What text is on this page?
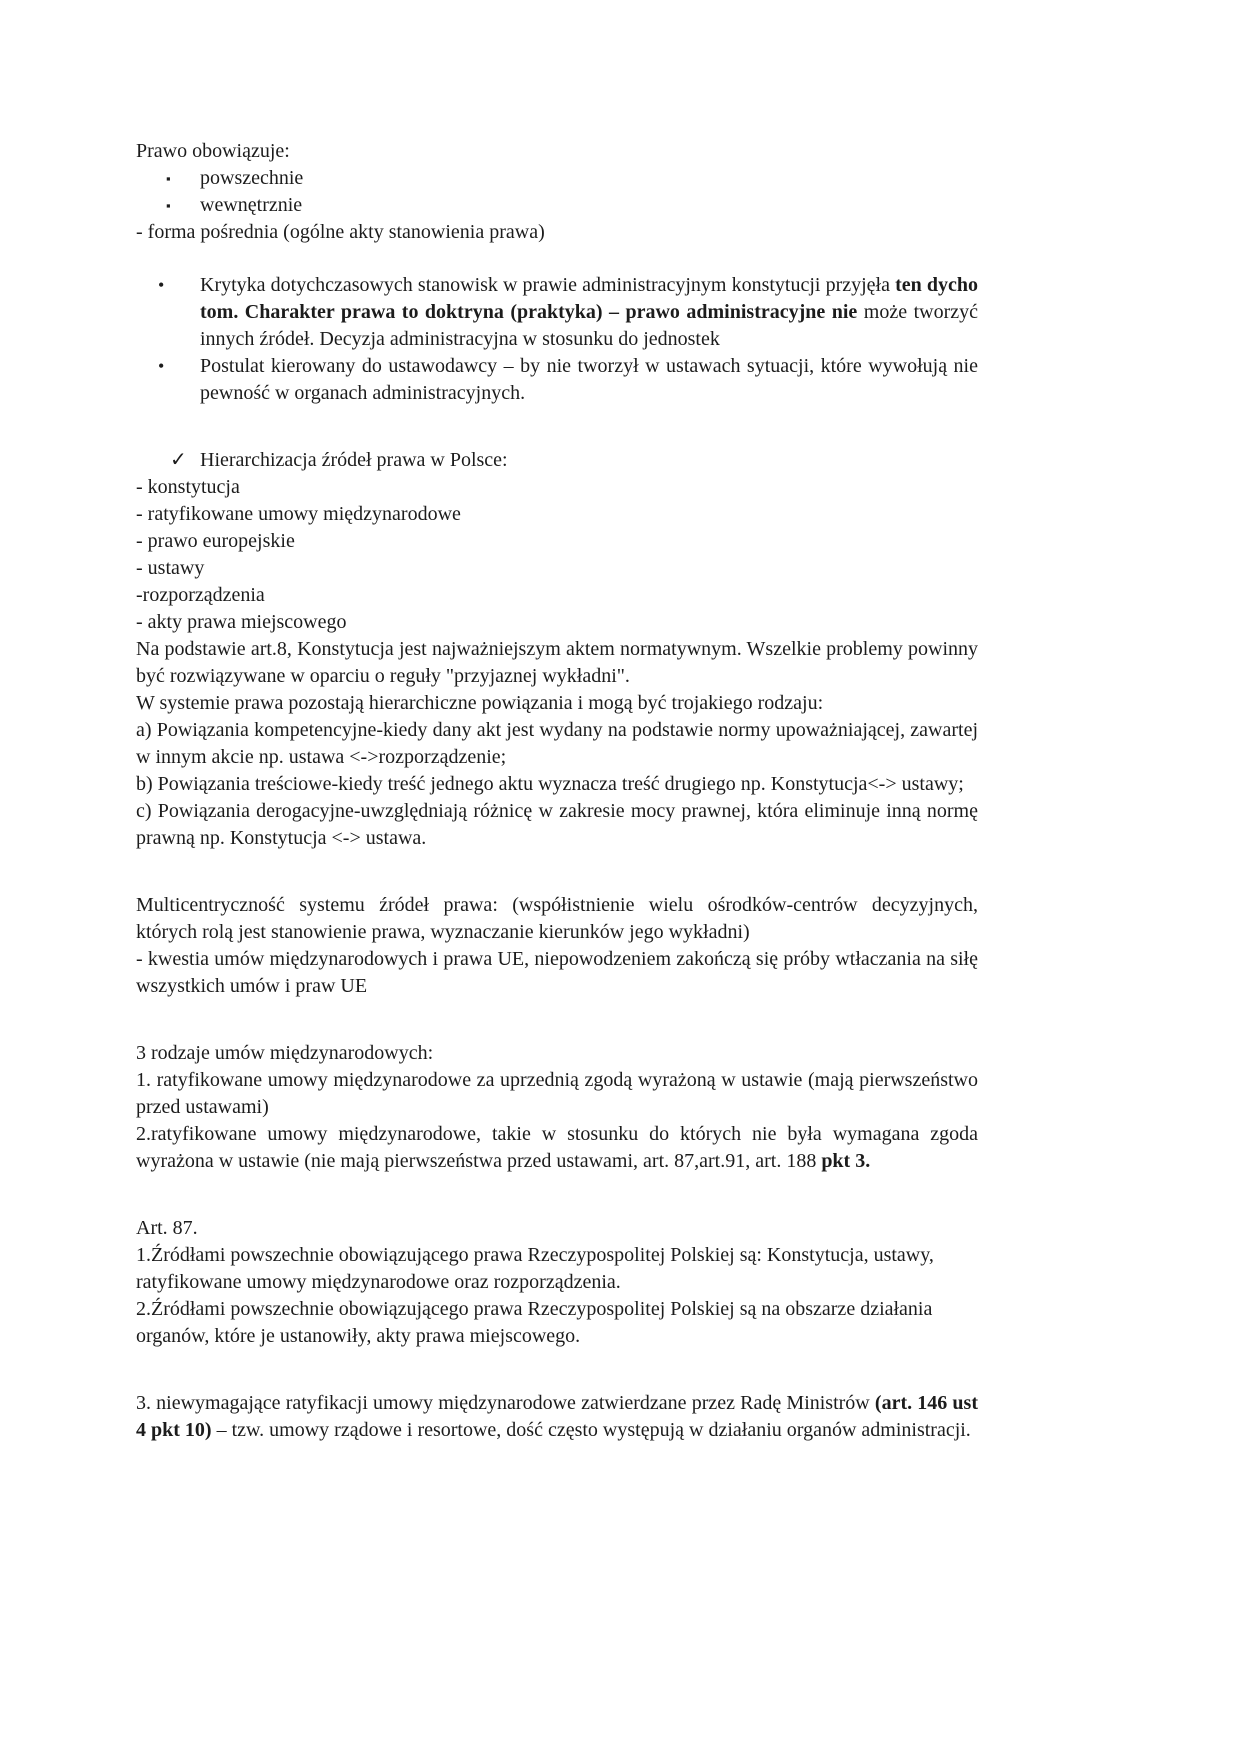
Prawo obowiązuje:

▪ powszechnie
▪ wewnętrznie

- forma pośrednia (ogólne akty stanowienia prawa)

• Krytyka dotychczasowych stanowisk w prawie administracyjnym konstytucji przyjęła ten dycho tom. Charakter prawa to doktryna (praktyka) – prawo administracyjne nie może tworzyć innych źródeł. Decyzja administracyjna w stosunku do jednostek
• Postulat kierowany do ustawodawcy – by nie tworzył w ustawach sytuacji, które wywołują nie pewność w organach administracyjnych.
✓ Hierarchizacja źródeł prawa w Polsce:

- konstytucja

- ratyfikowane umowy międzynarodowe

- prawo europejskie

- ustawy

-rozporządzenia

- akty prawa miejscowego

Na podstawie art.8, Konstytucja jest najważniejszym aktem normatywnym. Wszelkie problemy powinny być rozwiązywane w oparciu o reguły "przyjaznej wykładni".

W systemie prawa pozostają hierarchiczne powiązania i mogą być trojakiego rodzaju:

a) Powiązania kompetencyjne-kiedy dany akt jest wydany na podstawie normy upoważniającej, zawartej w innym akcie np. ustawa <->rozporządzenie;

b) Powiązania treściowe-kiedy treść jednego aktu wyznacza treść drugiego np. Konstytucja<-> ustawy;

c) Powiązania derogacyjne-uwzględniają różnicę w zakresie mocy prawnej, która eliminuje inną normę prawną np. Konstytucja <-> ustawa.

Multicentryczność systemu źródeł prawa: (współistnienie wielu ośrodków-centrów decyzyjnych, których rolą jest stanowienie prawa, wyznaczanie kierunków jego wykładni)

- kwestia umów międzynarodowych i prawa UE, niepowodzeniem zakończą się próby wtłaczania na siłę wszystkich umów i praw UE

3 rodzaje umów międzynarodowych:

1. ratyfikowane umowy międzynarodowe za uprzednią zgodą wyrażoną w ustawie (mają pierwszeństwo przed ustawami)

2.ratyfikowane umowy międzynarodowe, takie w stosunku do których nie była wymagana zgoda wyrażona w ustawie (nie mają pierwszeństwa przed ustawami, art. 87,art.91, art. 188 pkt 3.

Art. 87.

1.Źródłami powszechnie obowiązującego prawa Rzeczypospolitej Polskiej są: Konstytucja, ustawy, ratyfikowane umowy międzynarodowe oraz rozporządzenia.

2.Źródłami powszechnie obowiązującego prawa Rzeczypospolitej Polskiej są na obszarze działania organów, które je ustanowiły, akty prawa miejscowego.

3. niewymagające ratyfikacji umowy międzynarodowe zatwierdzane przez Radę Ministrów (art. 146 ust 4 pkt 10) – tzw. umowy rządowe i resortowe, dość często występują w działaniu organów administracji.
